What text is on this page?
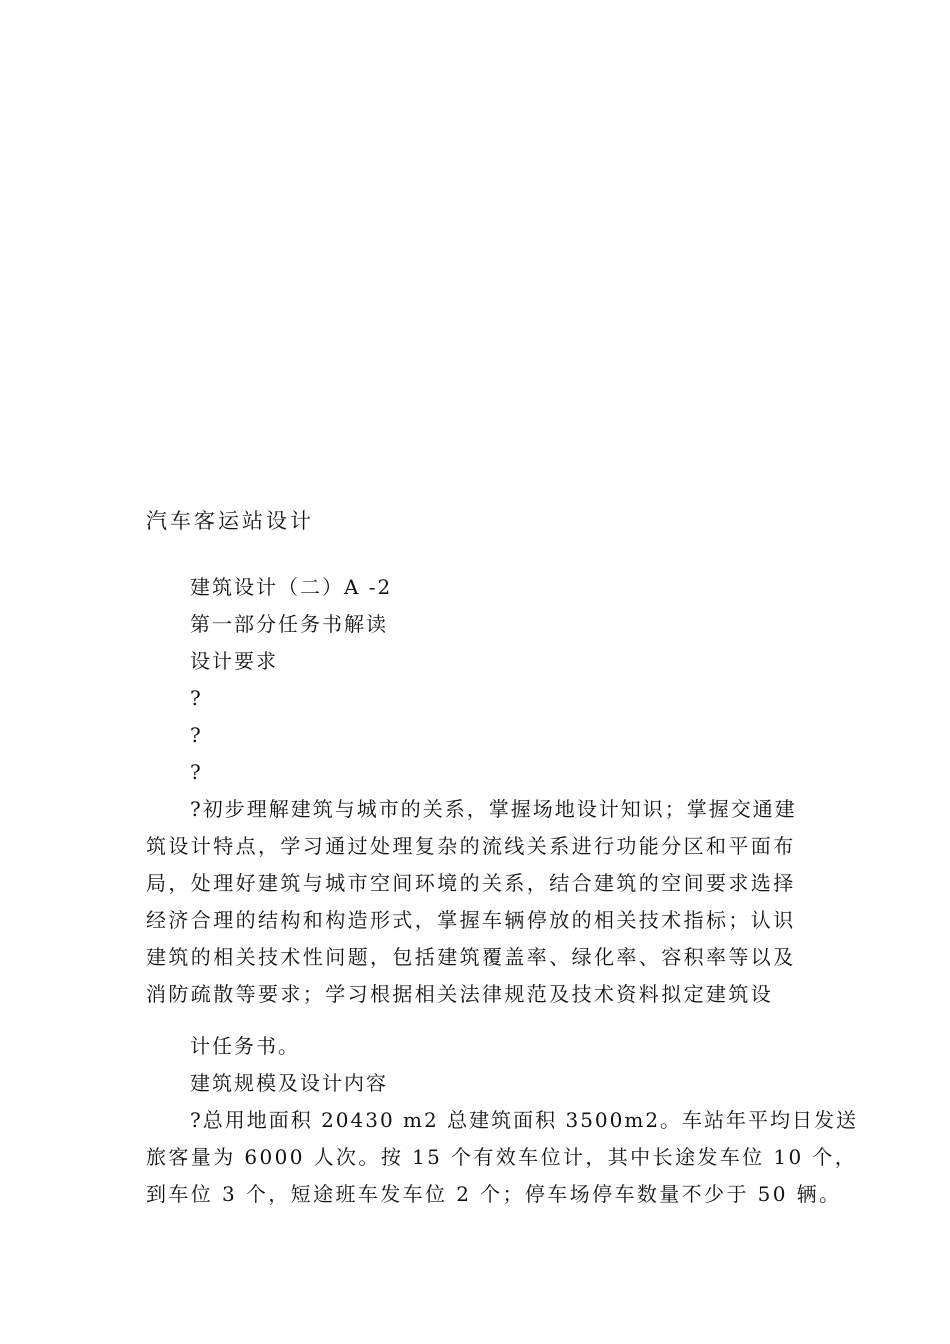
汽车客运站设计
建筑设计（二）A -2
第一部分任务书解读
设计要求
?
?
?
?初步理解建筑与城市的关系，掌握场地设计知识；掌握交通建
筑设计特点，学习通过处理复杂的流线关系进行功能分区和平面布
局，处理好建筑与城市空间环境的关系，结合建筑的空间要求选择
经济合理的结构和构造形式，掌握车辆停放的相关技术指标；认识
建筑的相关技术性问题，包括建筑覆盖率、绿化率、容积率等以及
消防疏散等要求；学习根据相关法律规范及技术资料拟定建筑设
计任务书。
建筑规模及设计内容
?总用地面积 20430 m2 总建筑面积 3500m2。车站年平均日发送
旅客量为 6000 人次。按 15 个有效车位计，其中长途发车位 10 个，
到车位 3 个，短途班车发车位 2 个；停车场停车数量不少于 50 辆。
